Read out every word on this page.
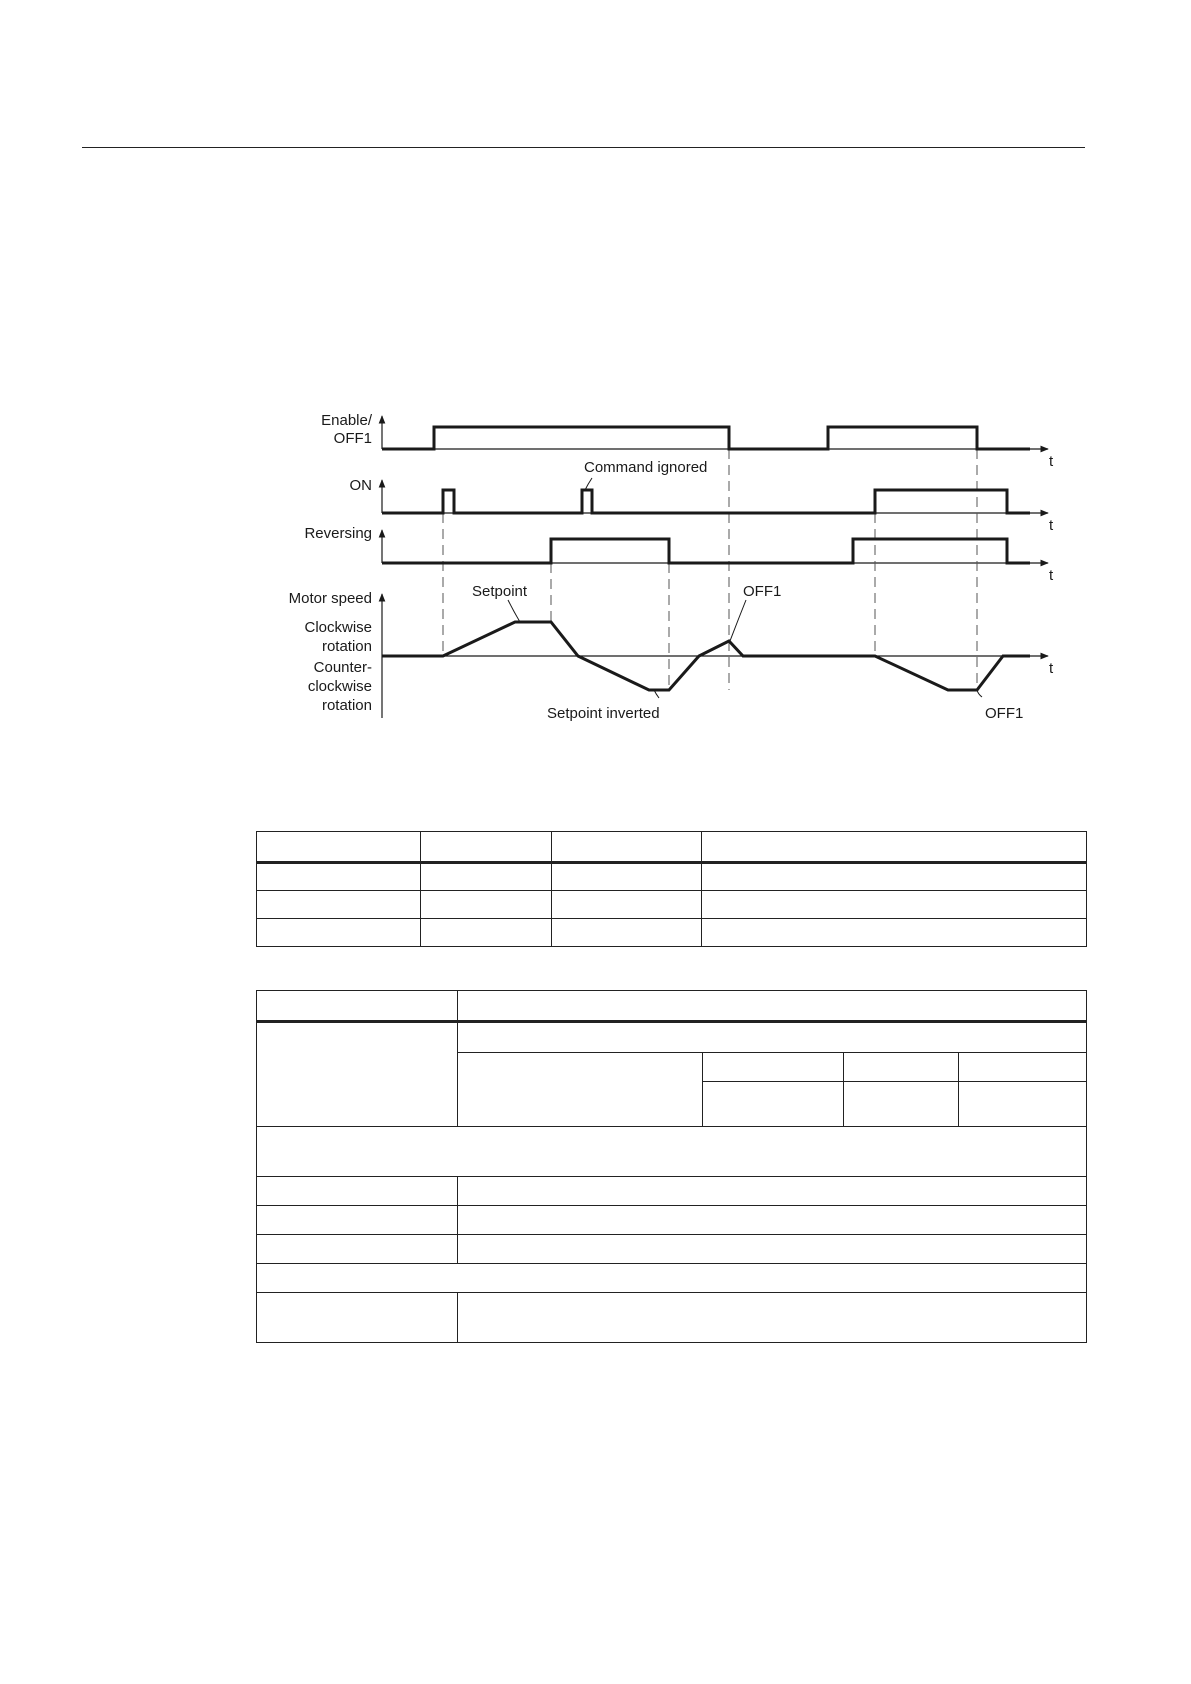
Enable/
OFF1
ON
Reversing
Motor speed
Clockwise
rotation
Counter-
clockwise
rotation
t
t
t
t
Command ignored
Setpoint	OFF1
Setpoint inverted	OFF1
